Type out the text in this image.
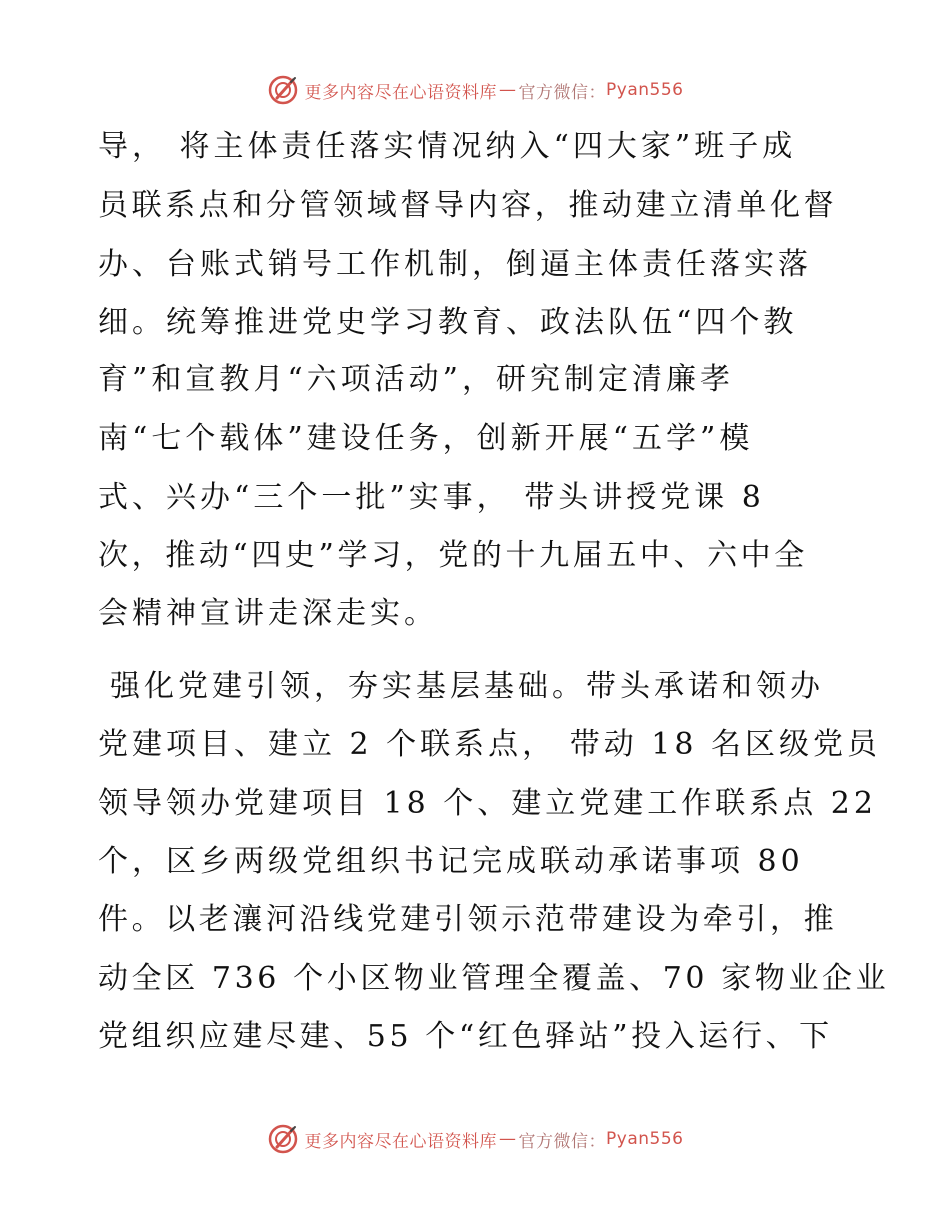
更多内容尽在心语资料库 — 官方微信： Pyan556
导， 将主体责任落实情况纳入“四大家”班子成
员联系点和分管领域督导内容，推动建立清单化督
办、台账式销号工作机制，倒逼主体责任落实落
细。统筹推进党史学习教育、政法队伍“四个教
育”和宣教月“六项活动”，研究制定清廉孝
南“七个载体”建设任务，创新开展“五学”模
式、兴办“三个一批”实事， 带头讲授党课 8
次，推动“四史”学习，党的十九届五中、六中全
会精神宣讲走深走实。
强化党建引领，夯实基层基础。带头承诺和领办
党建项目、建立 2 个联系点， 带动 18 名区级党员
领导领办党建项目 18 个、建立党建工作联系点 22
个，区乡两级党组织书记完成联动承诺事项 80
件。以老瀼河沿线党建引领示范带建设为牵引，推
动全区 736 个小区物业管理全覆盖、70 家物业企业
党组织应建尽建、55 个“红色驿站”投入运行、下
更多内容尽在心语资料库 — 官方微信： Pyan556
